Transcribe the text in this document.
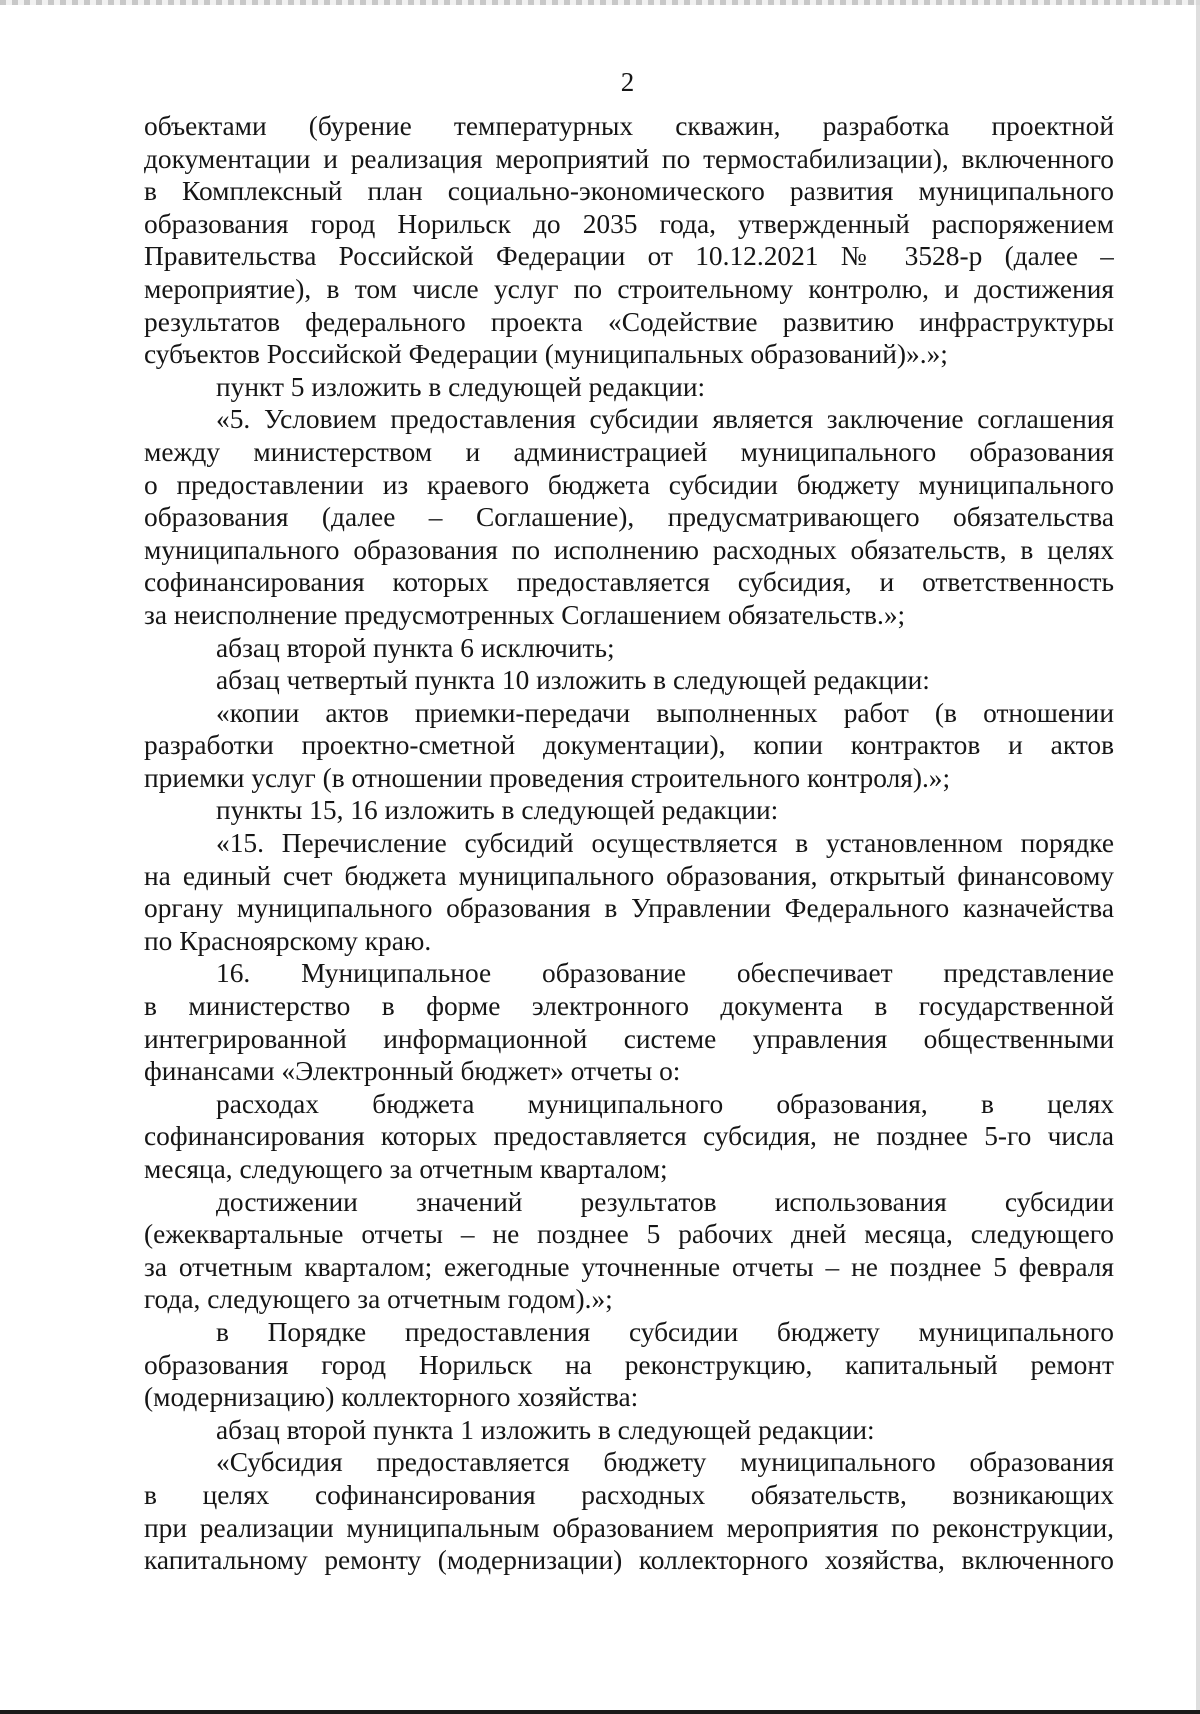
2
объектами (бурение температурных скважин, разработка проектной
документации и реализация мероприятий по термостабилизации), включенного
в Комплексный план социально-экономического развития муниципального
образования город Норильск до 2035 года, утвержденный распоряжением
Правительства Российской Федерации от 10.12.2021 № 3528-р (далее –
мероприятие), в том числе услуг по строительному контролю, и достижения
результатов федерального проекта «Содействие развитию инфраструктуры
субъектов Российской Федерации (муниципальных образований)».»;
пункт 5 изложить в следующей редакции:
«5. Условием предоставления субсидии является заключение соглашения
между министерством и администрацией муниципального образования
о предоставлении из краевого бюджета субсидии бюджету муниципального
образования (далее – Соглашение), предусматривающего обязательства
муниципального образования по исполнению расходных обязательств, в целях
софинансирования которых предоставляется субсидия, и ответственность
за неисполнение предусмотренных Соглашением обязательств.»;
абзац второй пункта 6 исключить;
абзац четвертый пункта 10 изложить в следующей редакции:
«копии актов приемки-передачи выполненных работ (в отношении
разработки проектно-сметной документации), копии контрактов и актов
приемки услуг (в отношении проведения строительного контроля).»;
пункты 15, 16 изложить в следующей редакции:
«15. Перечисление субсидий осуществляется в установленном порядке
на единый счет бюджета муниципального образования, открытый финансовому
органу муниципального образования в Управлении Федерального казначейства
по Красноярскому краю.
16. Муниципальное образование обеспечивает представление
в министерство в форме электронного документа в государственной
интегрированной информационной системе управления общественными
финансами «Электронный бюджет» отчеты о:
расходах бюджета муниципального образования, в целях
софинансирования которых предоставляется субсидия, не позднее 5-го числа
месяца, следующего за отчетным кварталом;
достижении значений результатов использования субсидии
(ежеквартальные отчеты – не позднее 5 рабочих дней месяца, следующего
за отчетным кварталом; ежегодные уточненные отчеты – не позднее 5 февраля
года, следующего за отчетным годом).»;
в Порядке предоставления субсидии бюджету муниципального
образования город Норильск на реконструкцию, капитальный ремонт
(модернизацию) коллекторного хозяйства:
абзац второй пункта 1 изложить в следующей редакции:
«Субсидия предоставляется бюджету муниципального образования
в целях софинансирования расходных обязательств, возникающих
при реализации муниципальным образованием мероприятия по реконструкции,
капитальному ремонту (модернизации) коллекторного хозяйства, включенного
